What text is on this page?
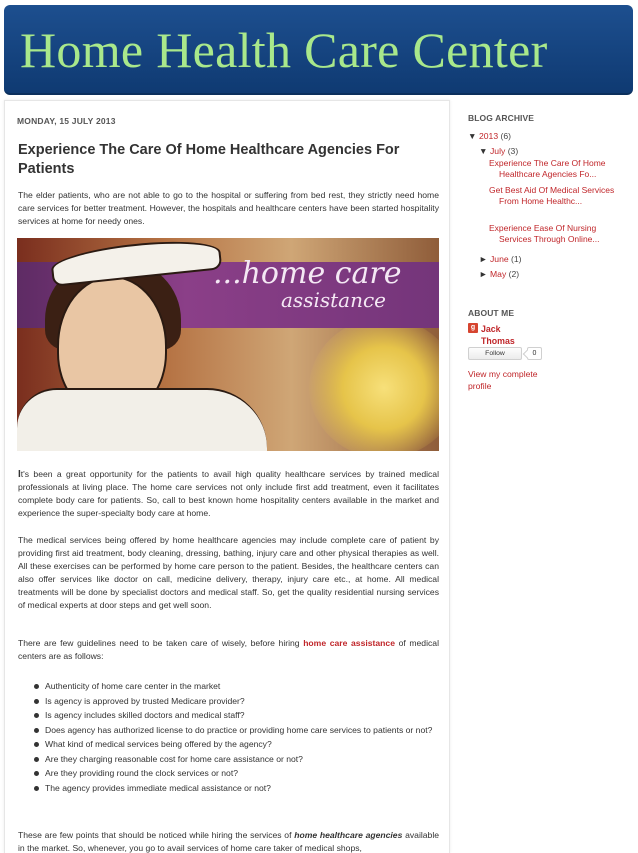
Home Health Care Center
MONDAY, 15 JULY 2013
Experience The Care Of Home Healthcare Agencies For Patients
The elder patients, who are not able to go to the hospital or suffering from bed rest, they strictly need home care services for better treatment. However, the hospitals and healthcare centers have been started hospitality services at home for needy ones.
...home care
assistance
It's been a great opportunity for the patients to avail high quality healthcare services by trained medical professionals at living place. The home care services not only include first add treatment, even it facilitates complete body care for patients. So, call to best known home hospitality centers available in the market and experience the super-specialty body care at home.
The medical services being offered by home healthcare agencies may include complete care of patient by providing first aid treatment, body cleaning, dressing, bathing, injury care and other physical therapies as well. All these exercises can be performed by home care person to the patient. Besides, the healthcare centers can also offer services like doctor on call, medicine delivery, therapy, injury care etc., at home. All medical treatments will be done by specialist doctors and medical staff. So, get the quality residential nursing services of medical experts at door steps and get well soon.
There are few guidelines need to be taken care of wisely, before hiring home care assistance of medical centers are as follows:
Authenticity of home care center in the market
Is agency is approved by trusted Medicare provider?
Is agency includes skilled doctors and medical staff?
Does agency has authorized license to do practice or providing home care services to patients or not?
What kind of medical services being offered by the agency?
Are they charging reasonable cost for home care assistance or not?
Are they providing round the clock services or not?
The agency provides immediate medical assistance or not?
These are few points that should be noticed while hiring the services of home healthcare agencies available in the market. So, whenever, you go to avail services of home care taker of medical shops,
BLOG ARCHIVE
▼ 2013 (6)
▼ July (3)
Experience The Care Of Home Healthcare Agencies Fo...
Get Best Aid Of Medical Services From Home Healthc...
Experience Ease Of Nursing Services Through Online...
► June (1)
► May (2)
ABOUT ME
g Jack Thomas
Follow	0
View my complete profile
